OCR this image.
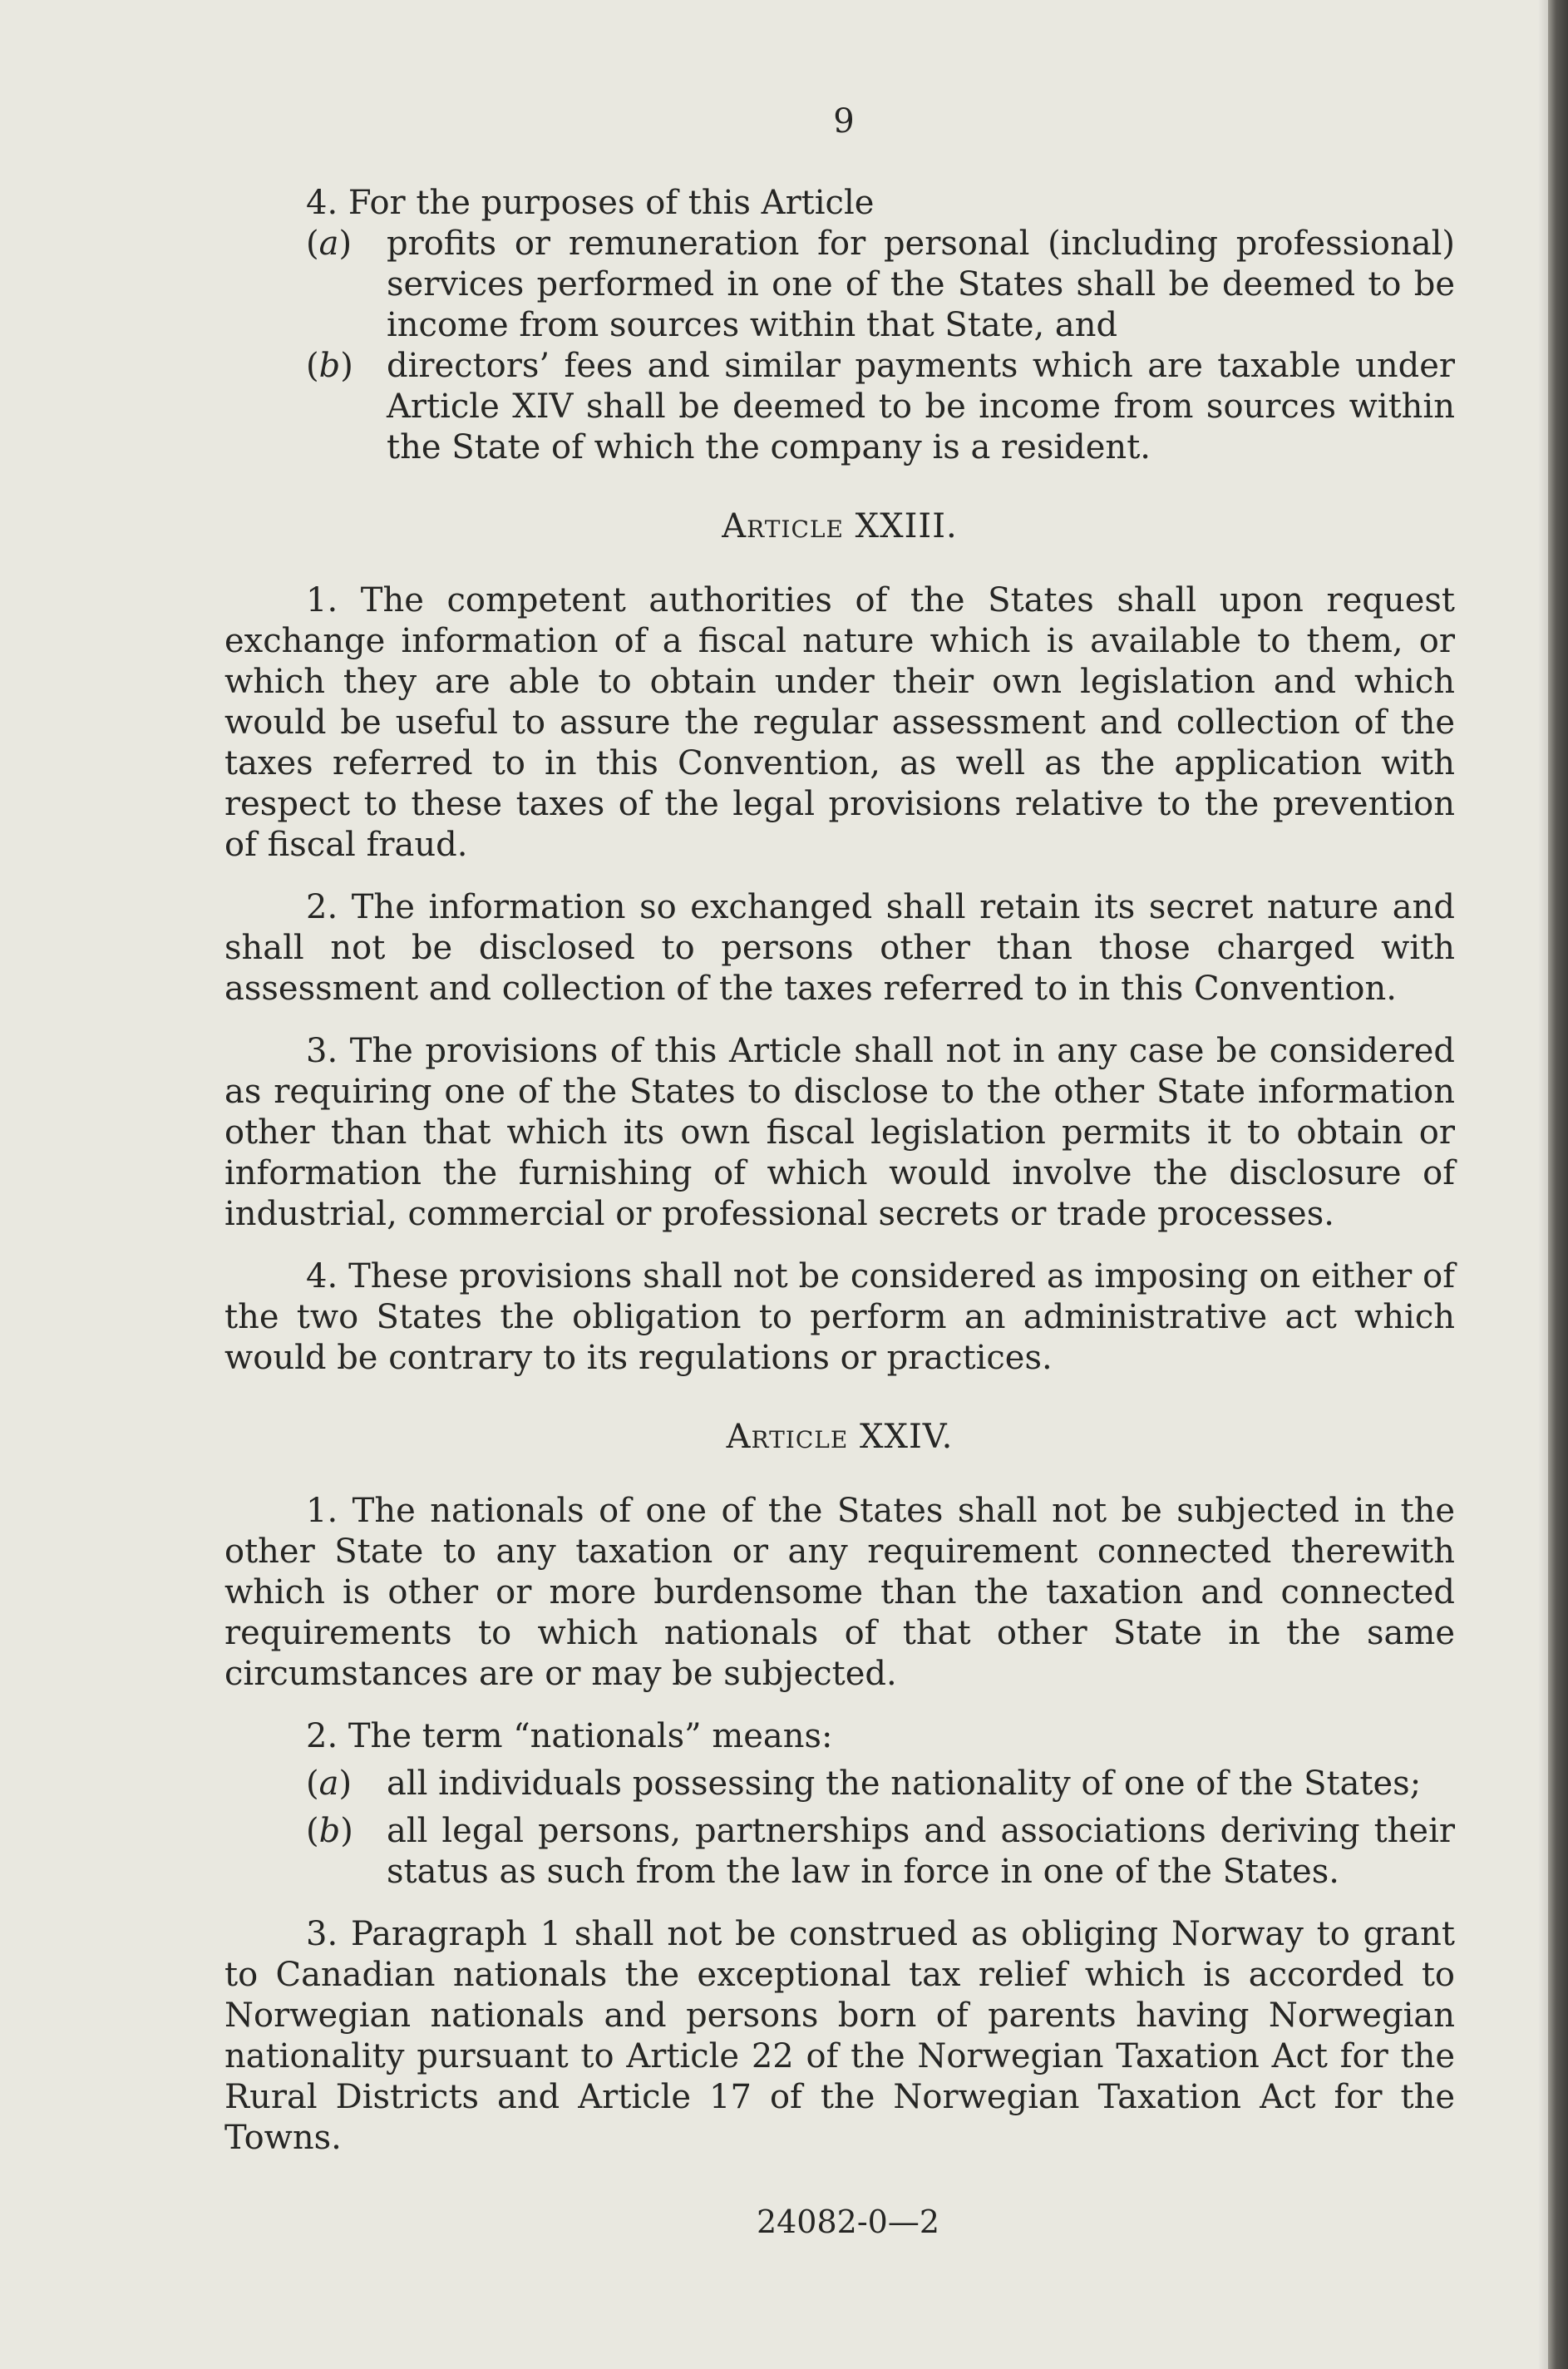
9

4. For the purposes of this Article

(a) profits or remuneration for personal (including professional) services performed in one of the States shall be deemed to be income from sources within that State, and
(b) directors’ fees and similar payments which are taxable under Article XIV shall be deemed to be income from sources within the State of which the company is a resident.
Article XXIII.

1. The competent authorities of the States shall upon request exchange information of a fiscal nature which is available to them, or which they are able to obtain under their own legislation and which would be useful to assure the regular assessment and collection of the taxes referred to in this Convention, as well as the application with respect to these taxes of the legal provisions relative to the prevention of fiscal fraud.

2. The information so exchanged shall retain its secret nature and shall not be disclosed to persons other than those charged with assessment and collection of the taxes referred to in this Convention.

3. The provisions of this Article shall not in any case be considered as requiring one of the States to disclose to the other State information other than that which its own fiscal legislation permits it to obtain or information the furnishing of which would involve the disclosure of industrial, commercial or professional secrets or trade processes.

4. These provisions shall not be considered as imposing on either of the two States the obligation to perform an administrative act which would be contrary to its regulations or practices.

Article XXIV.

1. The nationals of one of the States shall not be subjected in the other State to any taxation or any requirement connected therewith which is other or more burdensome than the taxation and connected requirements to which nationals of that other State in the same circumstances are or may be subjected.

2. The term “nationals” means:

(a) all individuals possessing the nationality of one of the States;
(b) all legal persons, partnerships and associations deriving their status as such from the law in force in one of the States.

3. Paragraph 1 shall not be construed as obliging Norway to grant to Canadian nationals the exceptional tax relief which is accorded to Norwegian nationals and persons born of parents having Norwegian nationality pursuant to Article 22 of the Norwegian Taxation Act for the Rural Districts and Article 17 of the Norwegian Taxation Act for the Towns.

24082-0—2
